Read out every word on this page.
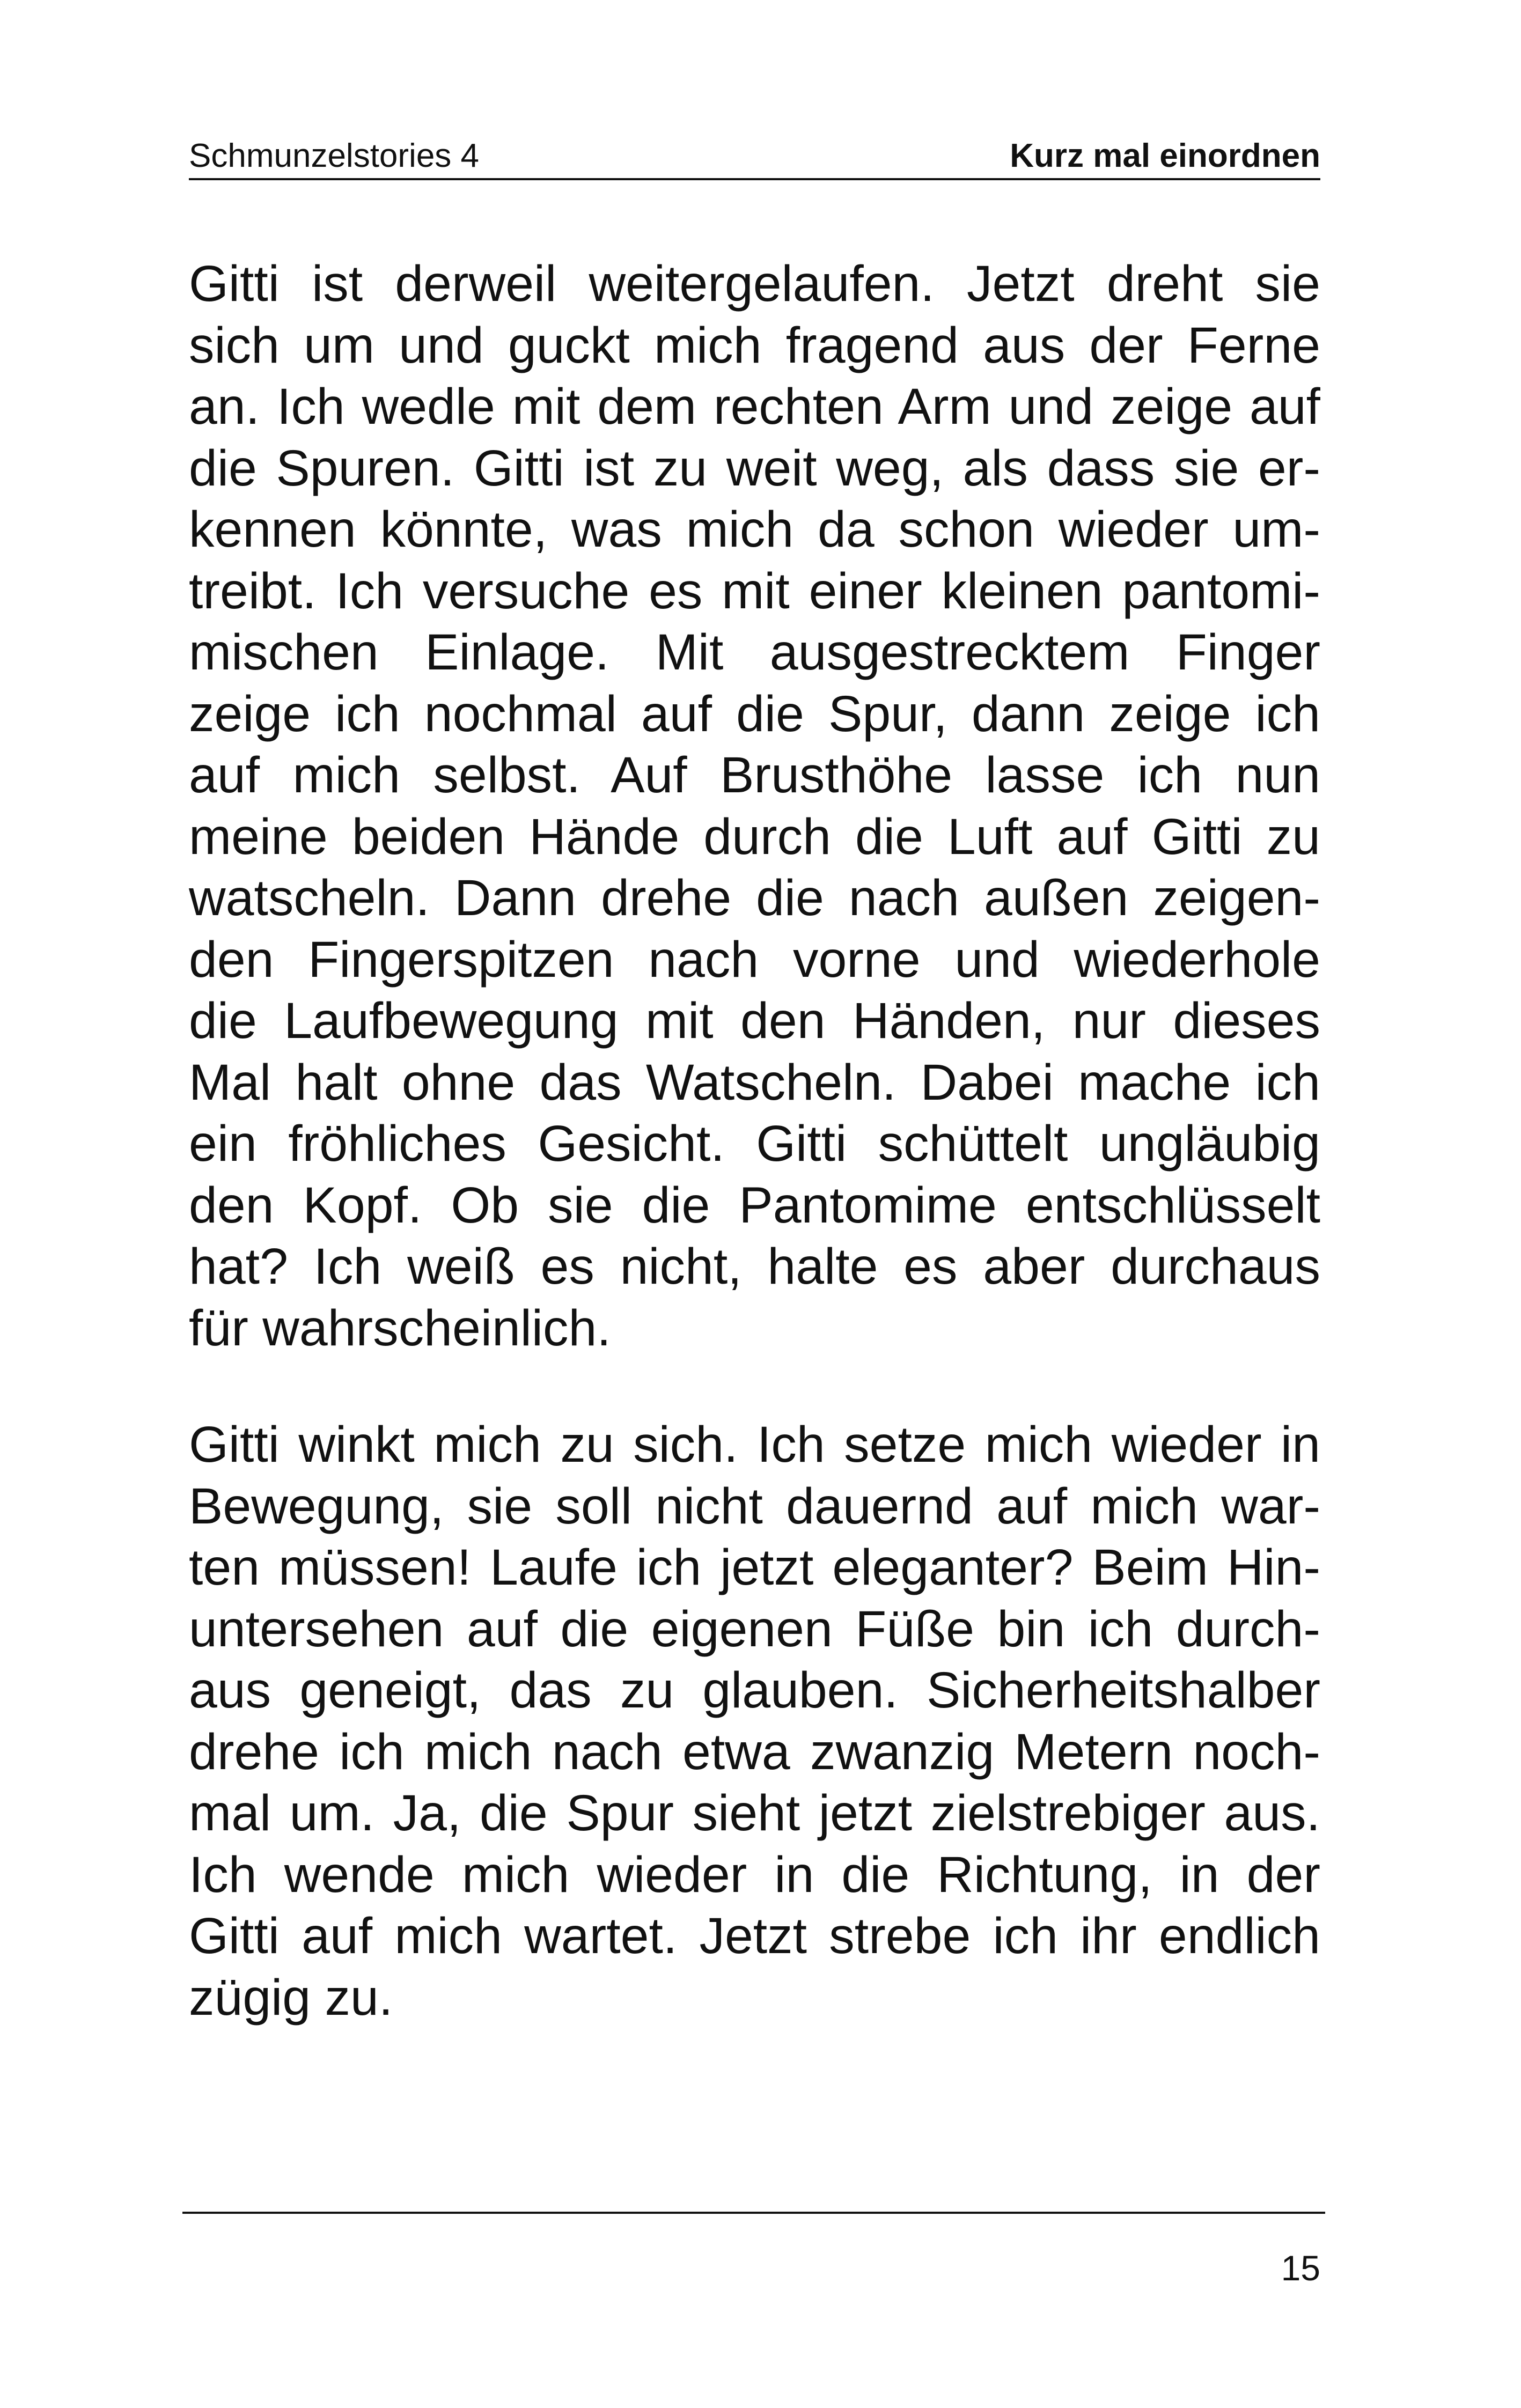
Schmunzelstories 4	Kurz mal einordnen
Gitti ist derweil weitergelaufen. Jetzt dreht sie
sich um und guckt mich fragend aus der Ferne
an. Ich wedle mit dem rechten Arm und zeige auf
die Spuren. Gitti ist zu weit weg, als dass sie er-
kennen könnte, was mich da schon wieder um-
treibt. Ich versuche es mit einer kleinen pantomi-
mischen Einlage. Mit ausgestrecktem Finger
zeige ich nochmal auf die Spur, dann zeige ich
auf mich selbst. Auf Brusthöhe lasse ich nun
meine beiden Hände durch die Luft auf Gitti zu
watscheln. Dann drehe die nach außen zeigen-
den Fingerspitzen nach vorne und wiederhole
die Laufbewegung mit den Händen, nur dieses
Mal halt ohne das Watscheln. Dabei mache ich
ein fröhliches Gesicht. Gitti schüttelt ungläubig
den Kopf. Ob sie die Pantomime entschlüsselt
hat? Ich weiß es nicht, halte es aber durchaus
für wahrscheinlich.
Gitti winkt mich zu sich. Ich setze mich wieder in
Bewegung, sie soll nicht dauernd auf mich war-
ten müssen! Laufe ich jetzt eleganter? Beim Hin-
untersehen auf die eigenen Füße bin ich durch-
aus geneigt, das zu glauben. Sicherheitshalber
drehe ich mich nach etwa zwanzig Metern noch-
mal um. Ja, die Spur sieht jetzt zielstrebiger aus.
Ich wende mich wieder in die Richtung, in der
Gitti auf mich wartet. Jetzt strebe ich ihr endlich
zügig zu.
15
